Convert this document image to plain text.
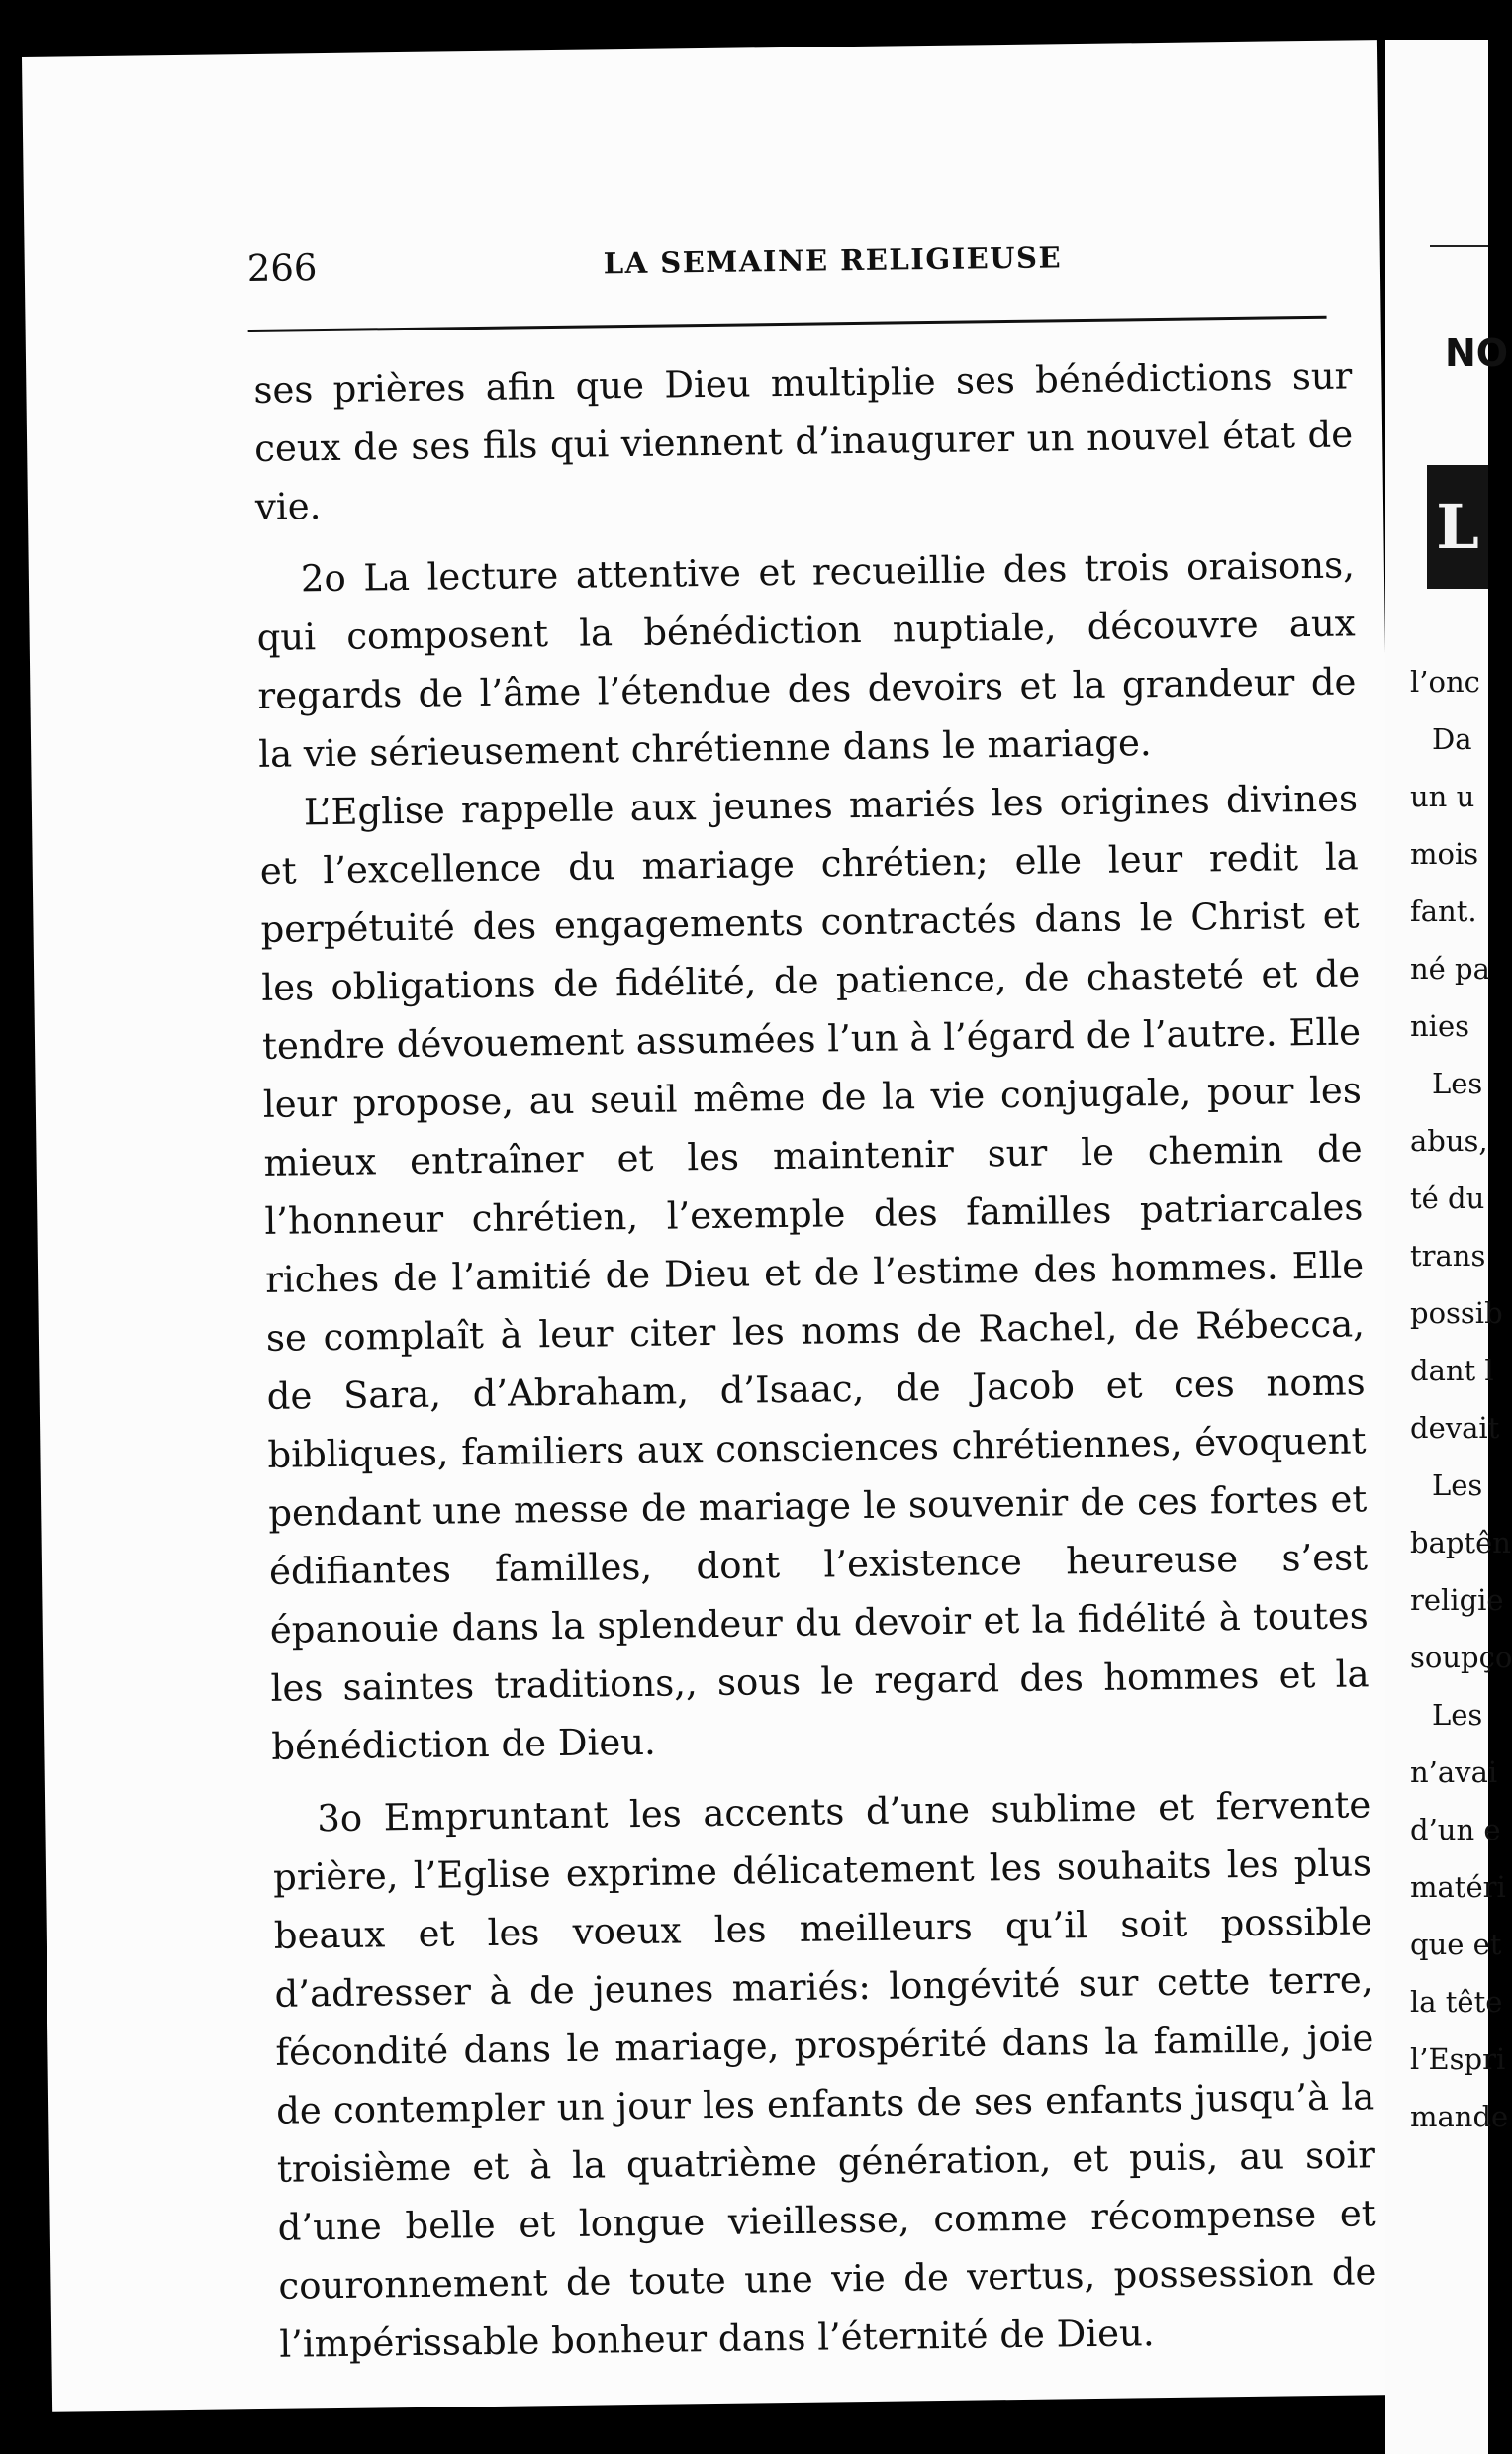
266	LA SEMAINE RELIGIEUSE

ses prières afin que Dieu multiplie ses bénédictions sur ceux de ses fils qui viennent d’inaugurer un nouvel état de vie.

2o La lecture attentive et recueillie des trois oraisons, qui composent la bénédiction nuptiale, découvre aux regards de l’âme l’étendue des devoirs et la grandeur de la vie sérieusement chrétienne dans le mariage.

L’Eglise rappelle aux jeunes mariés les origines divines et l’excellence du mariage chrétien; elle leur redit la perpétuité des engagements contractés dans le Christ et les obligations de fidélité, de patience, de chasteté et de tendre dévouement assumées l’un à l’égard de l’autre. Elle leur propose, au seuil même de la vie conjugale, pour les mieux entraîner et les maintenir sur le chemin de l’honneur chrétien, l’exemple des familles patriarcales riches de l’amitié de Dieu et de l’estime des hommes. Elle se complaît à leur citer les noms de Rachel, de Rébecca, de Sara, d’Abraham, d’Isaac, de Jacob et ces noms bibliques, familiers aux consciences chrétiennes, évoquent pendant une messe de mariage le souvenir de ces fortes et édifiantes familles, dont l’existence heureuse s’est épanouie dans la splendeur du devoir et la fidélité à toutes les saintes traditions,, sous le regard des hommes et la bénédiction de Dieu.

3o Empruntant les accents d’une sublime et fervente prière, l’Eglise exprime délicatement les souhaits les plus beaux et les voeux les meilleurs qu’il soit possible d’adresser à de jeunes mariés: longévité sur cette terre, fécondité dans le mariage, prospérité dans la famille, joie de contempler un jour les enfants de ses enfants jusqu’à la troisième et à la quatrième génération, et puis, au soir d’une belle et longue vieillesse, comme récompense et couronnement de toute une vie de vertus, possession de l’impérissable bonheur dans l’éternité de Dieu.

NO
L
l’onc
Da
un u
mois
fant.
né pa
nies
Les
abus,
té du
trans
possib
dant l
devait
Les
baptên
religie
soupço
Les
n’avai
d’un e
matéri
que et
la tête
l’Espri
mande
